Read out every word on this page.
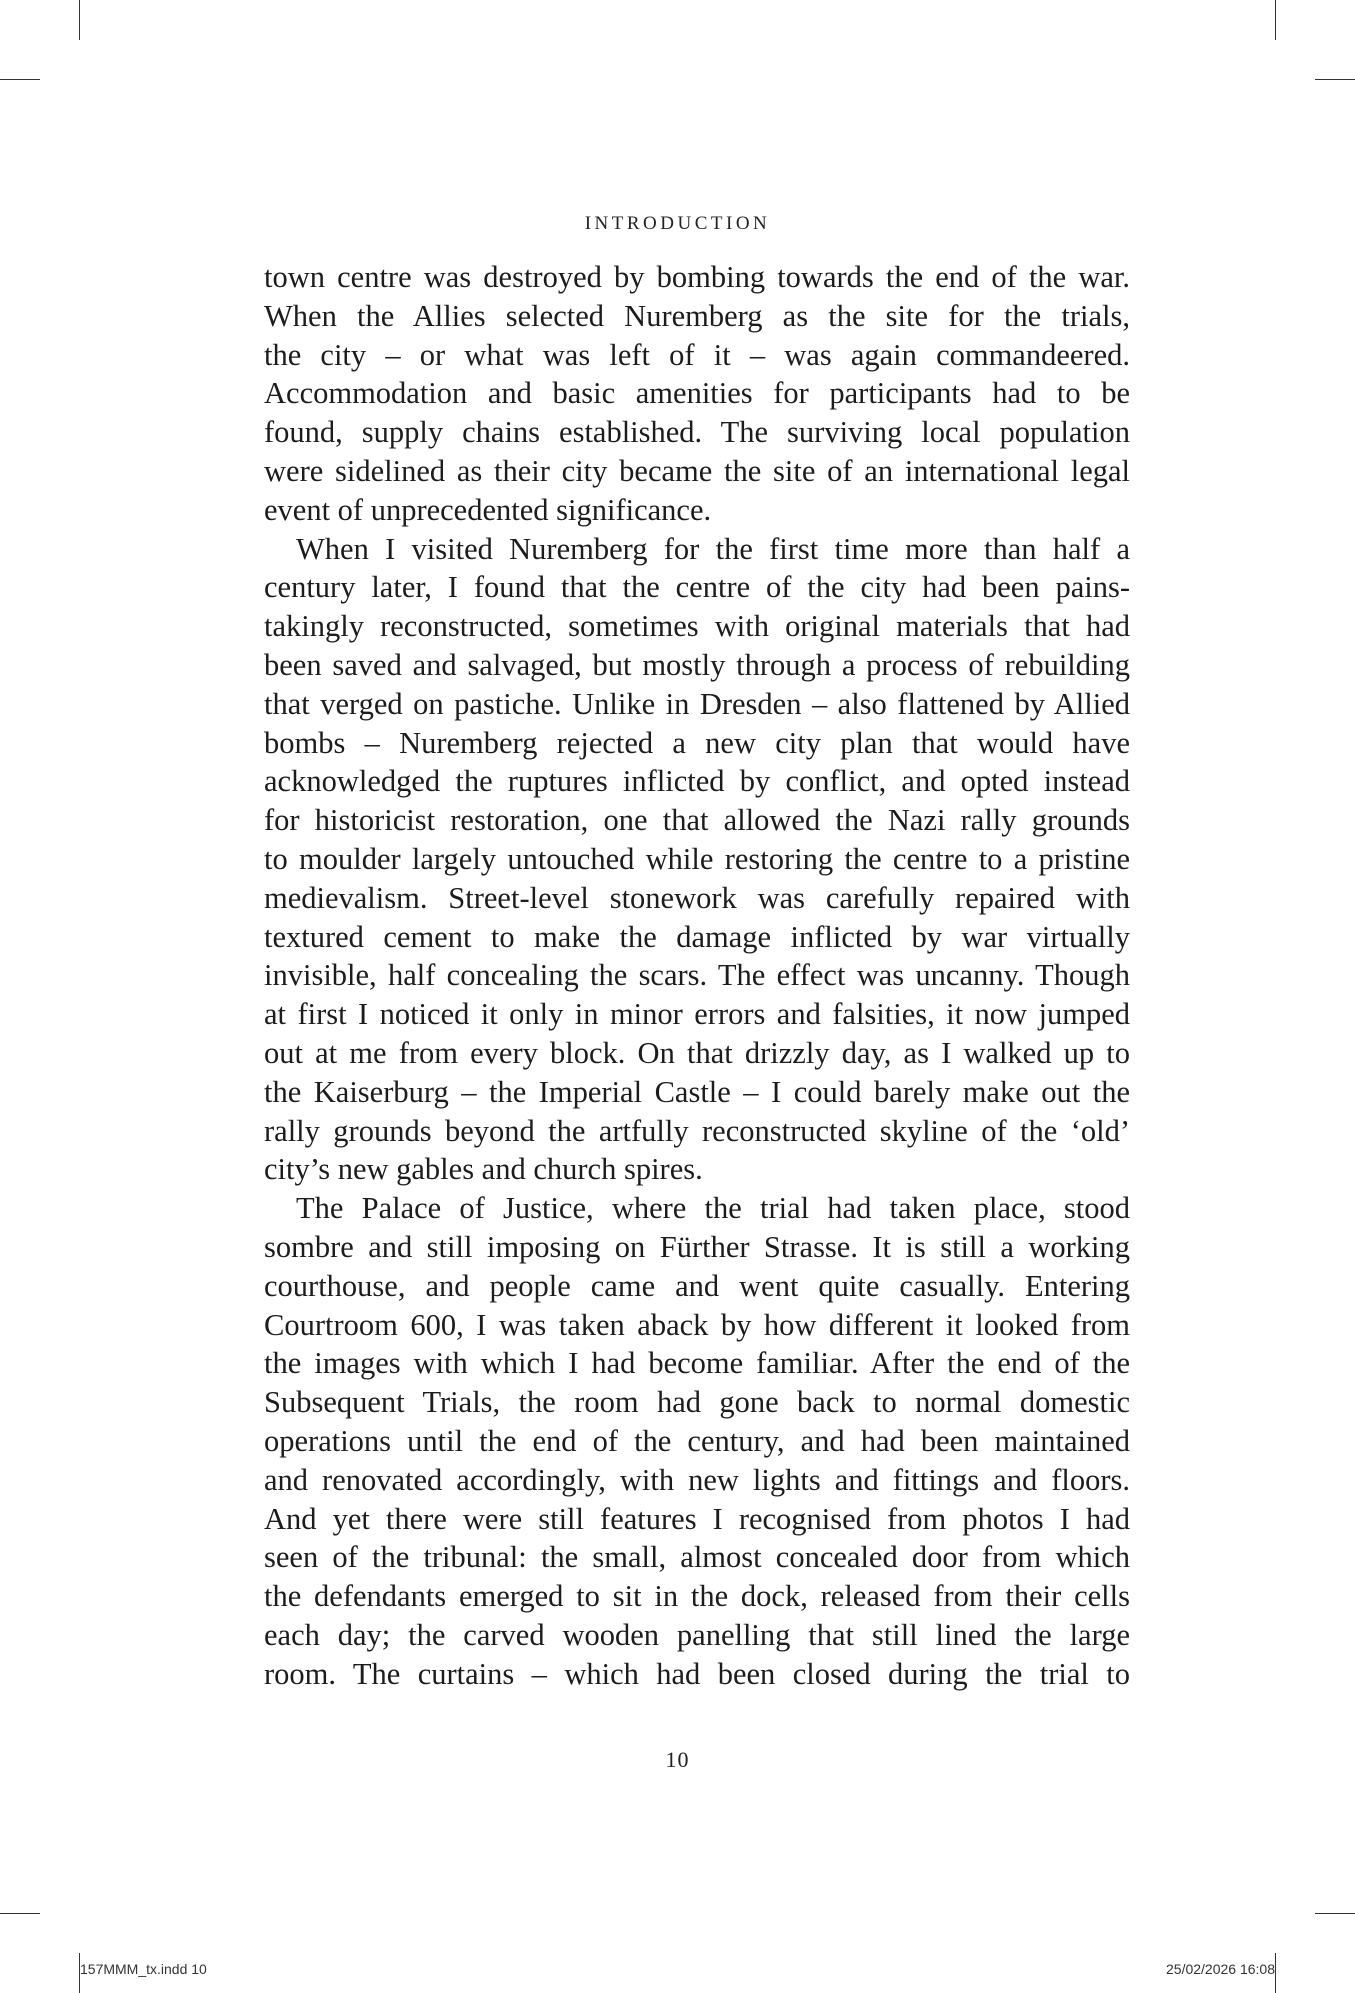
INTRODUCTION
town centre was destroyed by bombing towards the end of the war.
When the Allies selected Nuremberg as the site for the trials,
the city – or what was left of it – was again commandeered.
Accommodation and basic amenities for participants had to be
found, supply chains established. The surviving local population
were sidelined as their city became the site of an international legal
event of unprecedented significance.
When I visited Nuremberg for the first time more than half a
century later, I found that the centre of the city had been pains-
takingly reconstructed, sometimes with original materials that had
been saved and salvaged, but mostly through a process of rebuilding
that verged on pastiche. Unlike in Dresden – also flattened by Allied
bombs – Nuremberg rejected a new city plan that would have
acknowledged the ruptures inflicted by conflict, and opted instead
for historicist restoration, one that allowed the Nazi rally grounds
to moulder largely untouched while restoring the centre to a pristine
medievalism. Street-level stonework was carefully repaired with
textured cement to make the damage inflicted by war virtually
invisible, half concealing the scars. The effect was uncanny. Though
at first I noticed it only in minor errors and falsities, it now jumped
out at me from every block. On that drizzly day, as I walked up to
the Kaiserburg – the Imperial Castle – I could barely make out the
rally grounds beyond the artfully reconstructed skyline of the ‘old’
city’s new gables and church spires.
The Palace of Justice, where the trial had taken place, stood
sombre and still imposing on Fürther Strasse. It is still a working
courthouse, and people came and went quite casually. Entering
Courtroom 600, I was taken aback by how different it looked from
the images with which I had become familiar. After the end of the
Subsequent Trials, the room had gone back to normal domestic
operations until the end of the century, and had been maintained
and renovated accordingly, with new lights and fittings and floors.
And yet there were still features I recognised from photos I had
seen of the tribunal: the small, almost concealed door from which
the defendants emerged to sit in the dock, released from their cells
each day; the carved wooden panelling that still lined the large
room. The curtains – which had been closed during the trial to
10
157MMM_tx.indd 10	25/02/2026 16:08
